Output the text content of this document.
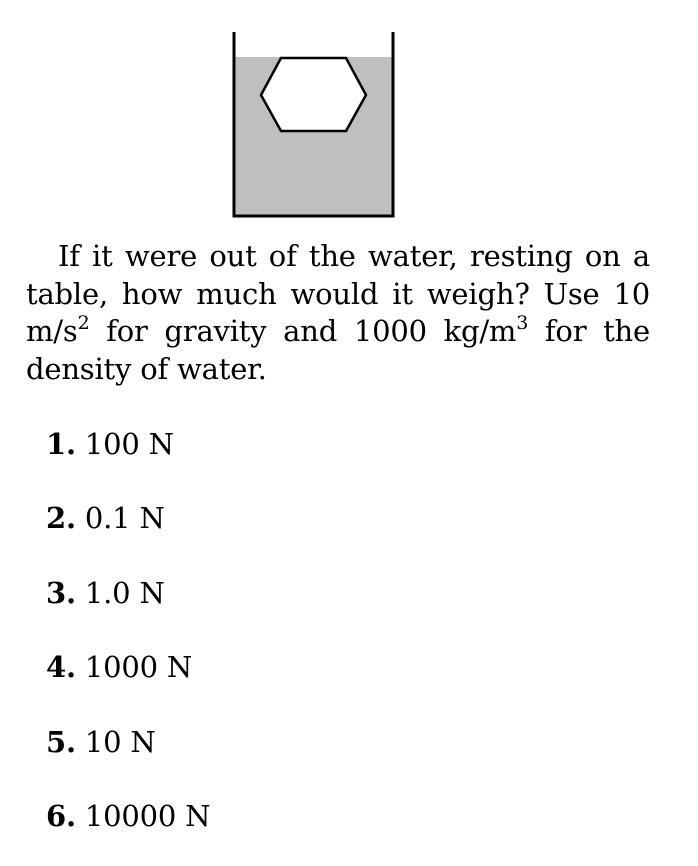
If it were out of the water, resting on a table, how much would it weigh? Use 10 $m/s^2$ for gravity and 1000 $kg/m^3$ for the density of water.

1. 100 N
2. 0.1 N
3. 1.0 N
4. 1000 N
5. 10 N
6. 10000 N
